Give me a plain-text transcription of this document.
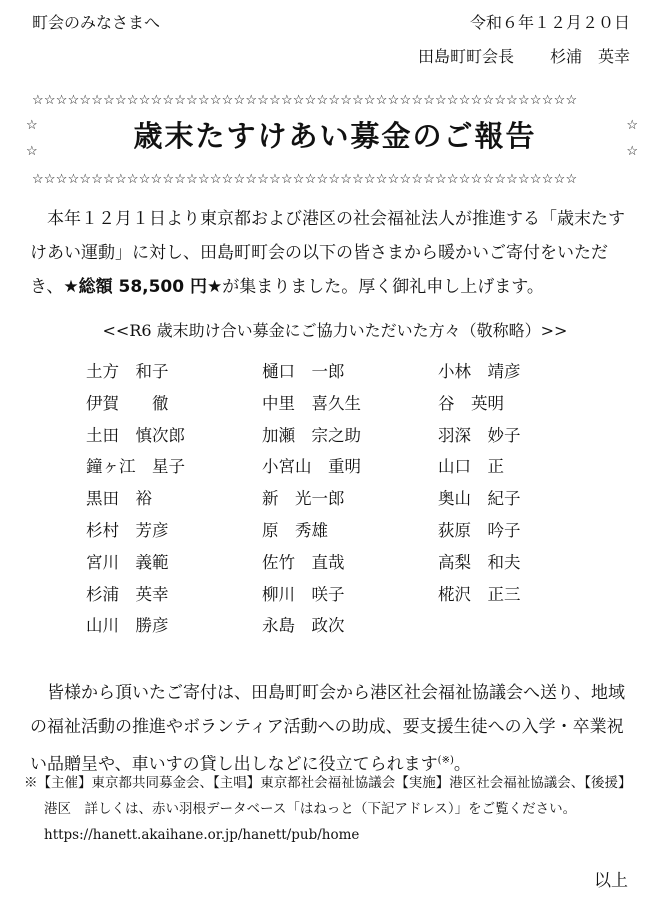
町会のみなさまへ	令和６年１２月２０日
田島町町会長 杉浦　英幸
☆☆☆☆☆☆☆☆☆☆☆☆☆☆☆☆☆☆☆☆☆☆☆☆☆☆☆☆☆☆☆☆☆☆☆☆☆☆☆☆☆☆☆☆☆☆
☆
☆
☆
☆
歳末たすけあい募金のご報告
☆☆☆☆☆☆☆☆☆☆☆☆☆☆☆☆☆☆☆☆☆☆☆☆☆☆☆☆☆☆☆☆☆☆☆☆☆☆☆☆☆☆☆☆☆☆
本年１２月１日より東京都および港区の社会福祉法人が推進する「歳末たすけあい運動」に対し、田島町町会の以下の皆さまから暖かいご寄付をいただき、★総額 58,500 円★が集まりました。厚く御礼申し上げます。
<<R6 歳末助け合い募金にご協力いただいた方々（敬称略）>>
土方　和子	樋口　一郎	小林　靖彦
伊賀　　徹	中里　喜久生	谷　英明
土田　慎次郎	加瀬　宗之助	羽深　妙子
鐘ヶ江　星子	小宮山　重明	山口　正
黒田　裕	新　光一郎	奥山　紀子
杉村　芳彦	原　秀雄	荻原　吟子
宮川　義範	佐竹　直哉	高梨　和夫
杉浦　英幸	柳川　咲子	椛沢　正三
山川　勝彦	永島　政次
皆様から頂いたご寄付は、田島町町会から港区社会福祉協議会へ送り、地域の福祉活動の推進やボランティア活動への助成、要支援生徒への入学・卒業祝い品贈呈や、車いすの貸し出しなどに役立てられます(※)。
※【主催】東京都共同募金会、【主唱】東京都社会福祉協議会【実施】港区社会福祉協議会、【後援】港区　詳しくは、赤い羽根データベース「はねっと（下記アドレス）」をご覧ください。https://hanett.akaihane.or.jp/hanett/pub/home
以上
